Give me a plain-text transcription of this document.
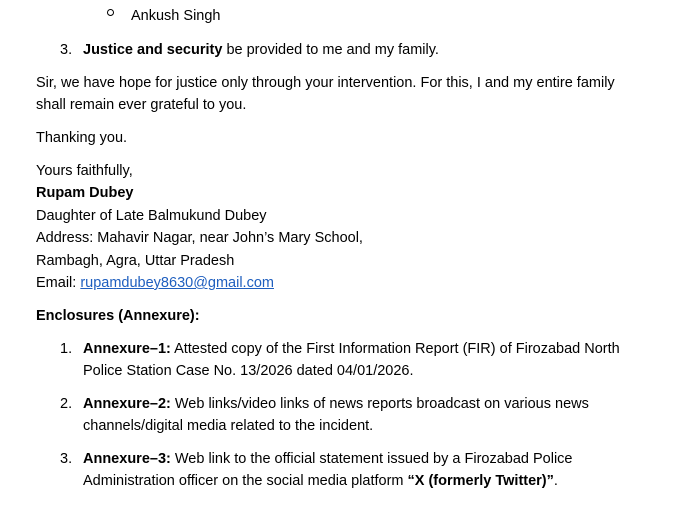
Ankush Singh
3. Justice and security be provided to me and my family.
Sir, we have hope for justice only through your intervention. For this, I and my entire family
shall remain ever grateful to you.
Thanking you.
Yours faithfully,
Rupam Dubey
Daughter of Late Balmukund Dubey
Address: Mahavir Nagar, near John’s Mary School,
Rambagh, Agra, Uttar Pradesh
Email: rupamdubey8630@gmail.com
Enclosures (Annexure):
1. Annexure–1: Attested copy of the First Information Report (FIR) of Firozabad North
Police Station Case No. 13/2026 dated 04/01/2026.
2. Annexure–2: Web links/video links of news reports broadcast on various news
channels/digital media related to the incident.
3. Annexure–3: Web link to the official statement issued by a Firozabad Police
Administration officer on the social media platform “X (formerly Twitter)”.
